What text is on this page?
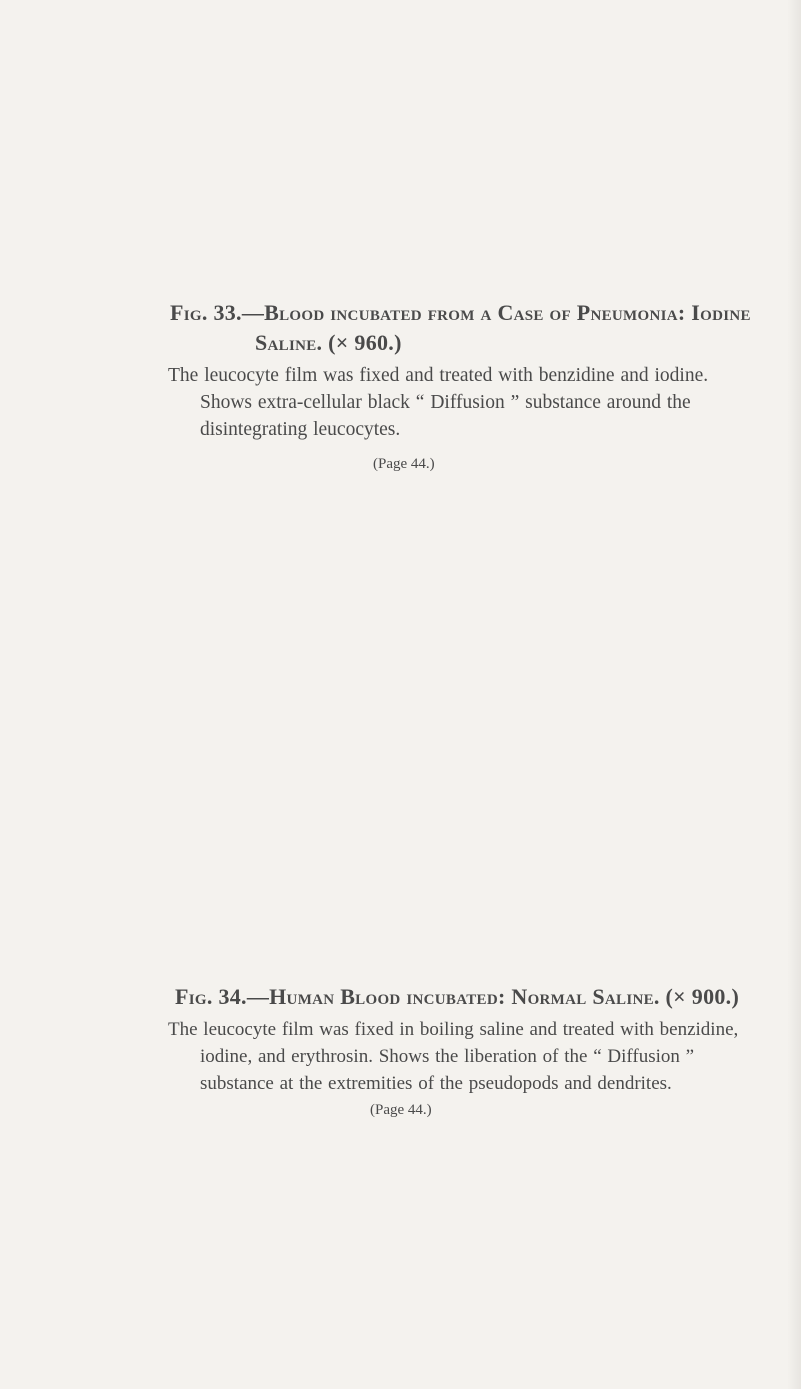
Fig. 33.—Blood incubated from a Case of Pneumonia: Iodine
Saline. (× 960.)

The leucocyte film was fixed and treated with benzidine and iodine.
Shows extra-cellular black “ Diffusion ” substance around the
disintegrating leucocytes.

(Page 44.)
Fig. 34.—Human Blood incubated: Normal Saline. (× 900.)

The leucocyte film was fixed in boiling saline and treated with benzidine,
iodine, and erythrosin. Shows the liberation of the “ Diffusion ”
substance at the extremities of the pseudopods and dendrites.

(Page 44.)
